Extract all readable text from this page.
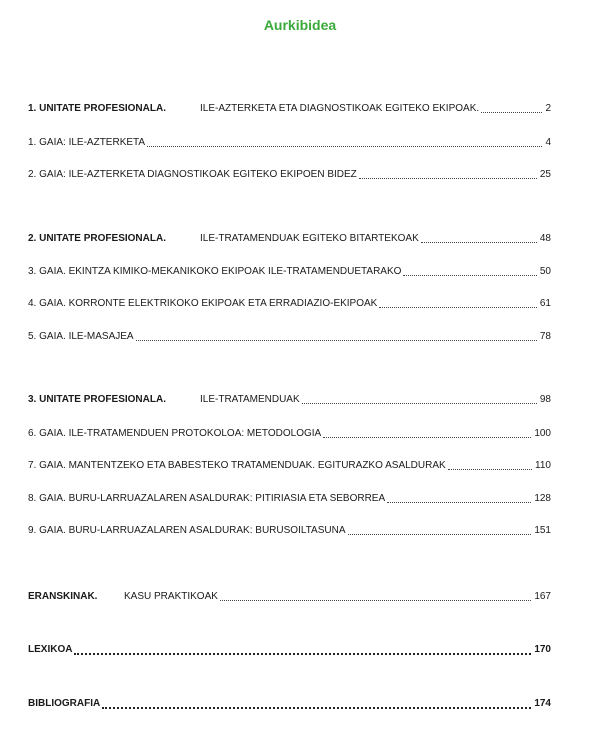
Aurkibidea
1. UNITATE PROFESIONALA.	ILE-AZTERKETA ETA DIAGNOSTIKOAK EGITEKO EKIPOAK.	2
1. GAIA: ILE-AZTERKETA	4
2. GAIA: ILE-AZTERKETA DIAGNOSTIKOAK EGITEKO EKIPOEN BIDEZ	25
2. UNITATE PROFESIONALA.	ILE-TRATAMENDUAK EGITEKO BITARTEKOAK	48
3. GAIA. EKINTZA KIMIKO-MEKANIKOKO EKIPOAK ILE-TRATAMENDUETARAKO	50
4. GAIA. KORRONTE ELEKTRIKOKO EKIPOAK ETA ERRADIAZIO-EKIPOAK	61
5. GAIA. ILE-MASAJEA	78
3. UNITATE PROFESIONALA.	ILE-TRATAMENDUAK	98
6. GAIA. ILE-TRATAMENDUEN PROTOKOLOA: METODOLOGIA	100
7. GAIA. MANTENTZEKO ETA BABESTEKO TRATAMENDUAK. EGITURAZKO ASALDURAK	110
8. GAIA. BURU-LARRUAZALAREN ASALDURAK: PITIRIASIA ETA SEBORREA	128
9. GAIA. BURU-LARRUAZALAREN ASALDURAK: BURUSOILTASUNA	151
ERANSKINAK.	KASU PRAKTIKOAK	167
LEXIKOA	170
BIBLIOGRAFIA	174
